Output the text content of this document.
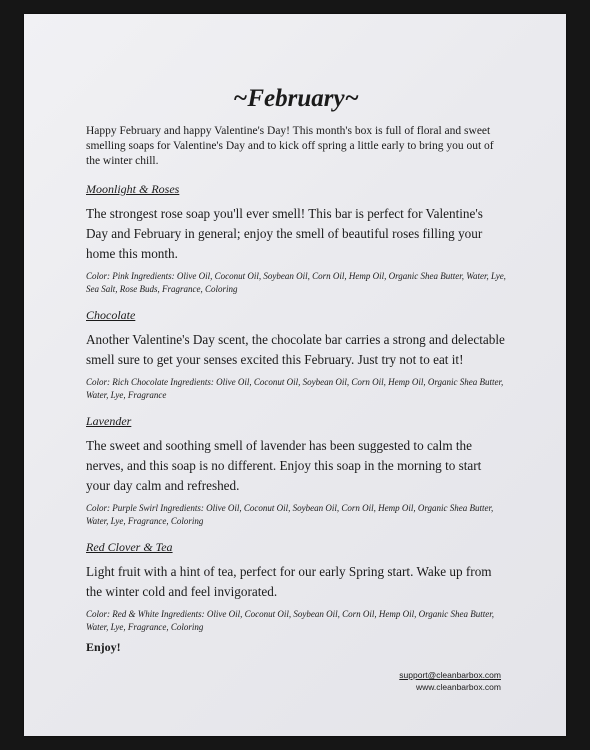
~February~

Happy February and happy Valentine's Day! This month's box is full of floral and sweet smelling soaps for Valentine's Day and to kick off spring a little early to bring you out of the winter chill.

Moonlight & Roses

The strongest rose soap you'll ever smell! This bar is perfect for Valentine's Day and February in general; enjoy the smell of beautiful roses filling your home this month.

Color: Pink Ingredients: Olive Oil, Coconut Oil, Soybean Oil, Corn Oil, Hemp Oil, Organic Shea Butter, Water, Lye, Sea Salt, Rose Buds, Fragrance, Coloring

Chocolate

Another Valentine's Day scent, the chocolate bar carries a strong and delectable smell sure to get your senses excited this February. Just try not to eat it!

Color: Rich Chocolate Ingredients: Olive Oil, Coconut Oil, Soybean Oil, Corn Oil, Hemp Oil, Organic Shea Butter, Water, Lye, Fragrance

Lavender

The sweet and soothing smell of lavender has been suggested to calm the nerves, and this soap is no different. Enjoy this soap in the morning to start your day calm and refreshed.

Color: Purple Swirl Ingredients: Olive Oil, Coconut Oil, Soybean Oil, Corn Oil, Hemp Oil, Organic Shea Butter, Water, Lye, Fragrance, Coloring

Red Clover & Tea

Light fruit with a hint of tea, perfect for our early Spring start. Wake up from the winter cold and feel invigorated.

Color: Red & White Ingredients: Olive Oil, Coconut Oil, Soybean Oil, Corn Oil, Hemp Oil, Organic Shea Butter, Water, Lye, Fragrance, Coloring

Enjoy!
support@cleanbarbox.com
www.cleanbarbox.com
